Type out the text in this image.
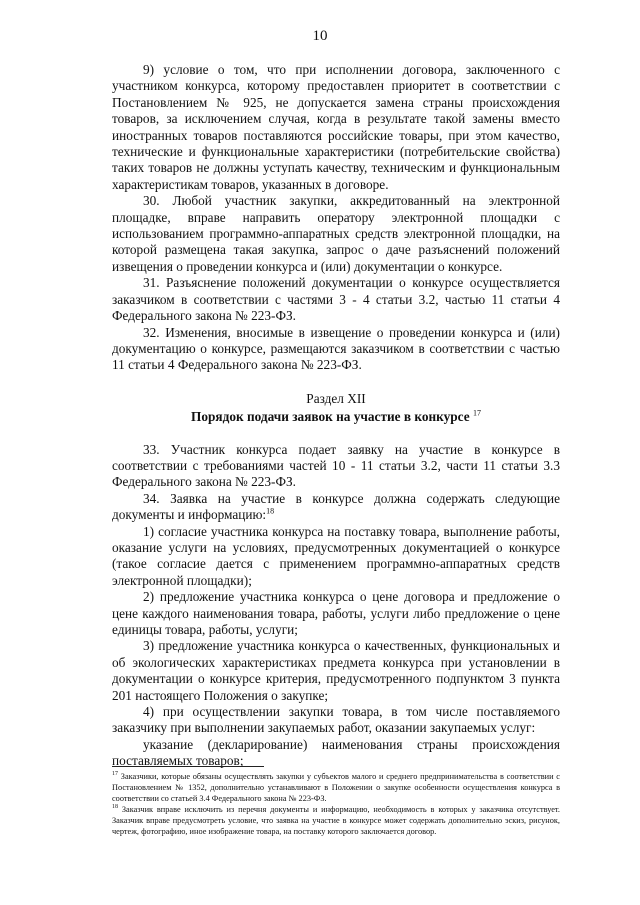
10

9) условие о том, что при исполнении договора, заключенного с участником конкурса, которому предоставлен приоритет в соответствии с Постановлением № 925, не допускается замена страны происхождения товаров, за исключением случая, когда в результате такой замены вместо иностранных товаров поставляются российские товары, при этом качество, технические и функциональные характеристики (потребительские свойства) таких товаров не должны уступать качеству, техническим и функциональным характеристикам товаров, указанных в договоре.

30. Любой участник закупки, аккредитованный на электронной площадке, вправе направить оператору электронной площадки с использованием программно-аппаратных средств электронной площадки, на которой размещена такая закупка, запрос о даче разъяснений положений извещения о проведении конкурса и (или) документации о конкурсе.

31. Разъяснение положений документации о конкурсе осуществляется заказчиком в соответствии с частями 3 - 4 статьи 3.2, частью 11 статьи 4 Федерального закона № 223-ФЗ.

32. Изменения, вносимые в извещение о проведении конкурса и (или) документацию о конкурсе, размещаются заказчиком в соответствии с частью 11 статьи 4 Федерального закона № 223-ФЗ.

Раздел XII

Порядок подачи заявок на участие в конкурсе $^{17}$

33. Участник конкурса подает заявку на участие в конкурсе в соответствии с требованиями частей 10 - 11 статьи 3.2, части 11 статьи 3.3 Федерального закона № 223-ФЗ.

34. Заявка на участие в конкурсе должна содержать следующие документы и информацию:$^{18}$

1) согласие участника конкурса на поставку товара, выполнение работы, оказание услуги на условиях, предусмотренных документацией о конкурсе (такое согласие дается с применением программно-аппаратных средств электронной площадки);

2) предложение участника конкурса о цене договора и предложение о цене каждого наименования товара, работы, услуги либо предложение о цене единицы товара, работы, услуги;

3) предложение участника конкурса о качественных, функциональных и об экологических характеристиках предмета конкурса при установлении в документации о конкурсе критерия, предусмотренного подпунктом 3 пункта 201 настоящего Положения о закупке;

4) при осуществлении закупки товара, в том числе поставляемого заказчику при выполнении закупаемых работ, оказании закупаемых услуг:

указание (декларирование) наименования страны происхождения поставляемых товаров;

$^{17}$ Заказчики, которые обязаны осуществлять закупки у субъектов малого и среднего предпринимательства в соответствии с Постановлением № 1352, дополнительно устанавливают в Положении о закупке особенности осуществления конкурса в соответствии со статьей 3.4 Федерального закона № 223-ФЗ.

$^{18}$ Заказчик вправе исключить из перечня документы и информацию, необходимость в которых у заказчика отсутствует. Заказчик вправе предусмотреть условие, что заявка на участие в конкурсе может содержать дополнительно эскиз, рисунок, чертеж, фотографию, иное изображение товара, на поставку которого заключается договор.
